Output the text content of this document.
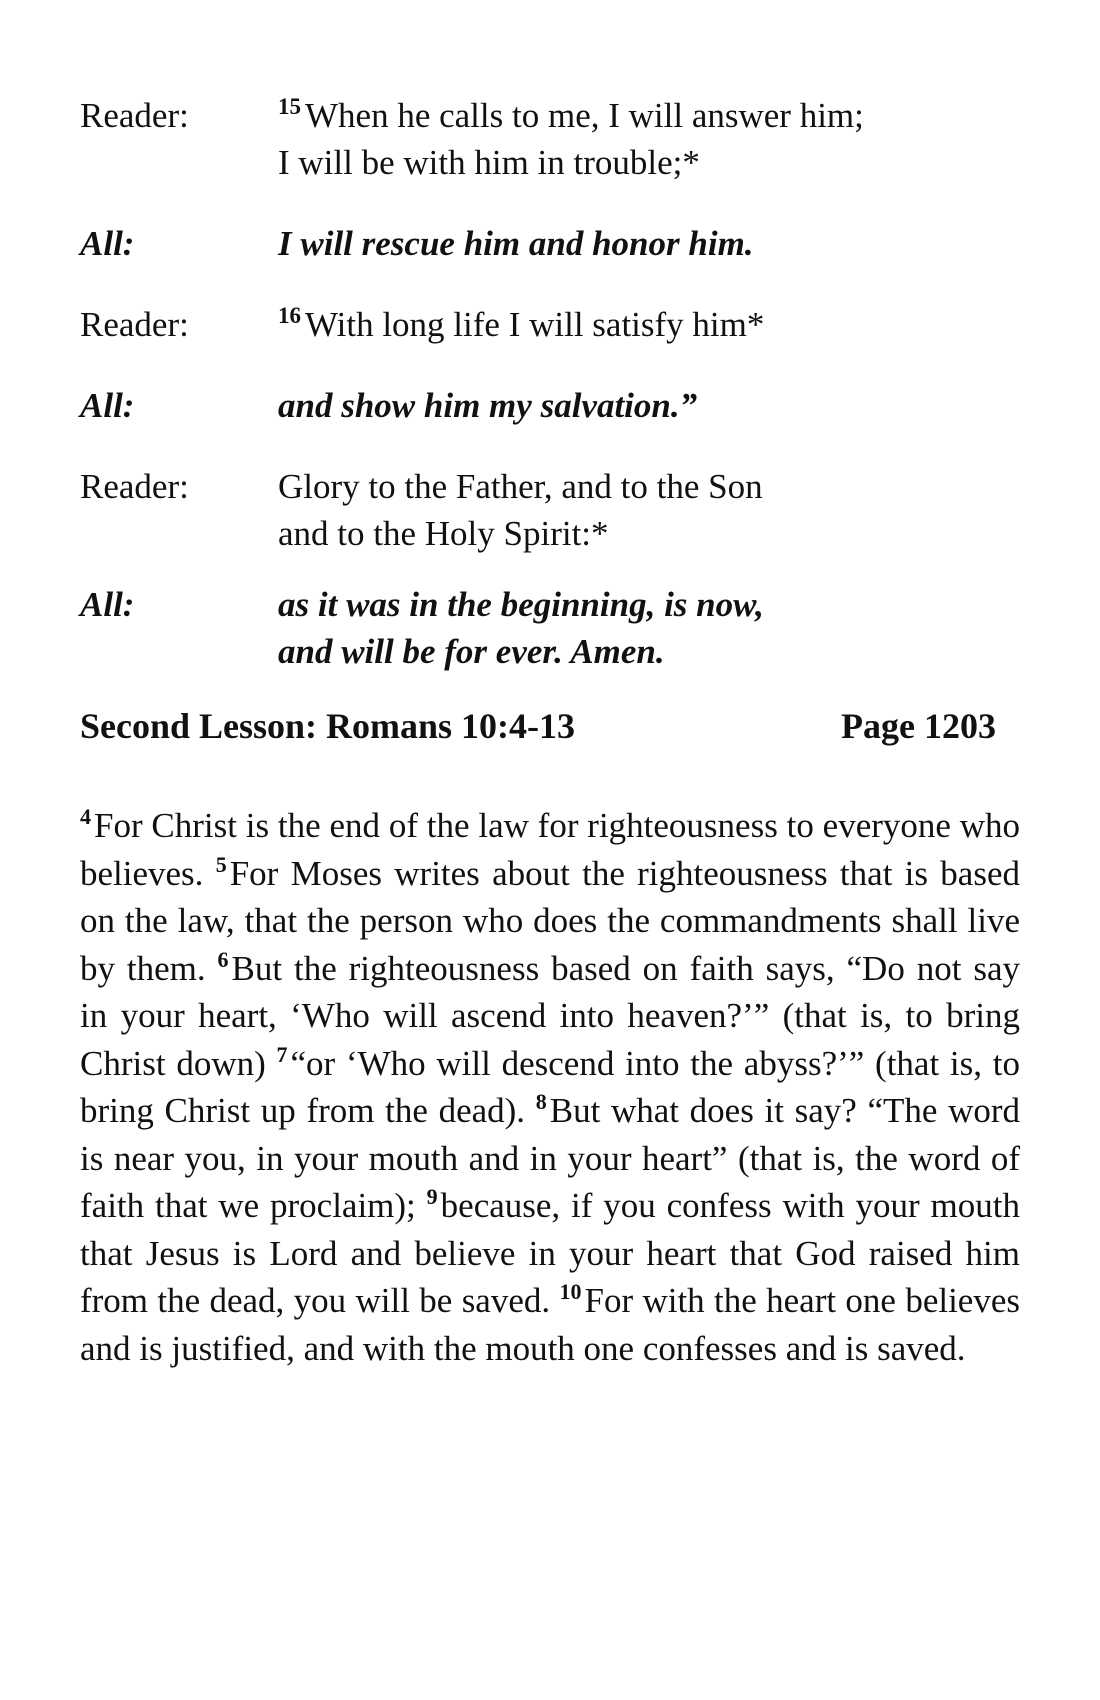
Reader:	$^{15}$ When he calls to me, I will answer him;
I will be with him in trouble;*
All:	I will rescue him and honor him.
Reader:	$^{16}$ With long life I will satisfy him*
All:	and show him my salvation.”
Reader:	Glory to the Father, and to the Son
and to the Holy Spirit:*
All:	as it was in the beginning, is now,
and will be for ever. Amen.
Second Lesson: Romans 10:4-13	Page 1203
$^4$For Christ is the end of the law for righteousness to everyone who believes. $^5$For Moses writes about the righteousness that is based on the law, that the person who does the commandments shall live by them. $^6$But the righteousness based on faith says, “Do not say in your heart, ‘Who will ascend into heaven?’” (that is, to bring Christ down) $^7$“or ‘Who will descend into the abyss?’” (that is, to bring Christ up from the dead). $^8$But what does it say? “The word is near you, in your mouth and in your heart” (that is, the word of faith that we proclaim); $^9$because, if you confess with your mouth that Jesus is Lord and believe in your heart that God raised him from the dead, you will be saved. $^{10}$For with the heart one believes and is justified, and with the mouth one confesses and is saved.
